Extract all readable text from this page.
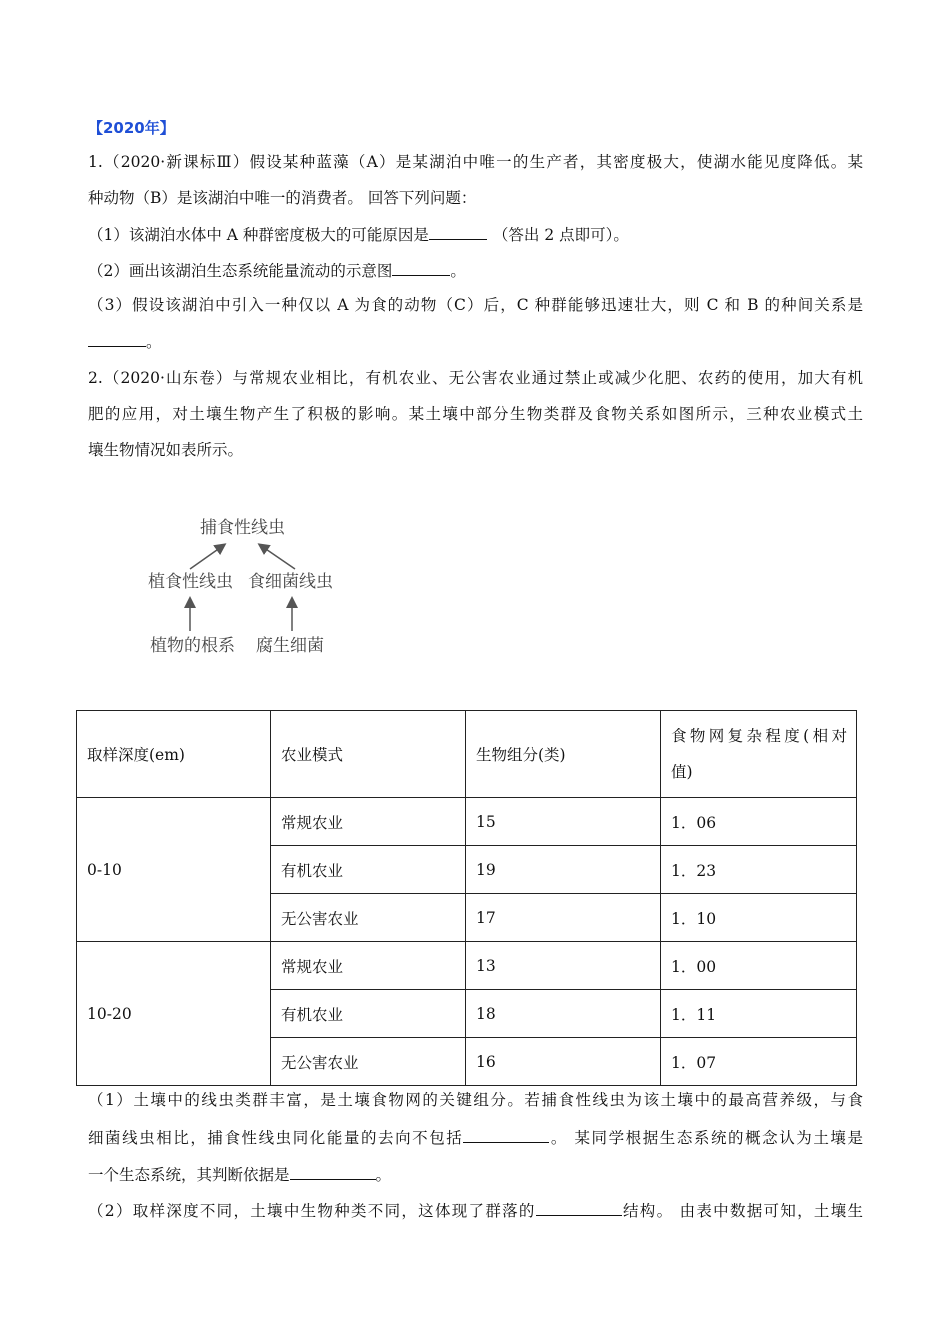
【2020年】
1.（2020·新课标Ⅲ）假设某种蓝藻（A）是某湖泊中唯一的生产者，其密度极大，使湖水能见度降低。某
种动物（B）是该湖泊中唯一的消费者。 回答下列问题：
（1）该湖泊水体中 A 种群密度极大的可能原因是	（答出 2 点即可）。
（2）画出该湖泊生态系统能量流动的示意图	。
（3）假设该湖泊中引入一种仅以 A 为食的动物（C）后，C 种群能够迅速壮大，则 C 和 B 的种间关系是
。
2.（2020·山东卷）与常规农业相比，有机农业、无公害农业通过禁止或减少化肥、农药的使用，加大有机
肥的应用，对土壤生物产生了积极的影响。某土壤中部分生物类群及食物关系如图所示，三种农业模式土
壤生物情况如表所示。
捕食性线虫
植食性线虫 食细菌线虫
植物的根系 腐生细菌
取样深度(em)	农业模式	生物组分(类)	食物网复杂程度(相对
值)

0-10	常规农业	15	1．06
	有机农业	19	1．23
	无公害农业	17	1．10
10-20	常规农业	13	1．00
	有机农业	18	1．11
	无公害农业	16	1．07
（1）土壤中的线虫类群丰富，是土壤食物网的关键组分。若捕食性线虫为该土壤中的最高营养级，与食
细菌线虫相比，捕食性线虫同化能量的去向不包括	。 某同学根据生态系统的概念认为土壤是
一个生态系统，其判断依据是	。
（2）取样深度不同，土壤中生物种类不同，这体现了群落的	结构。 由表中数据可知，土壤生
